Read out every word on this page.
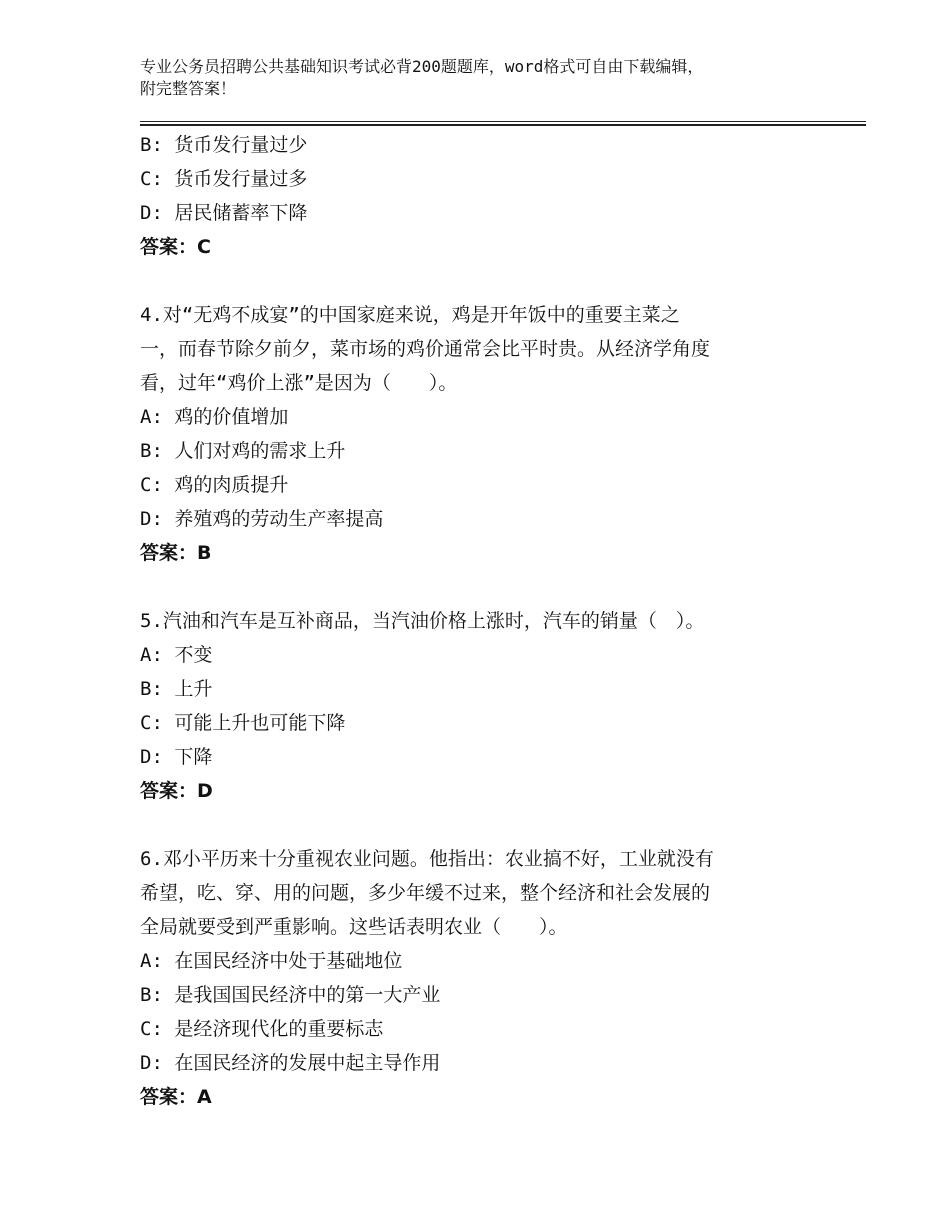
专业公务员招聘公共基础知识考试必背200题题库，word格式可自由下载编辑，
附完整答案！
B: 货币发行量过少
C: 货币发行量过多
D: 居民储蓄率下降
答案：C
4.对“无鸡不成宴”的中国家庭来说，鸡是开年饭中的重要主菜之
一，而春节除夕前夕，菜市场的鸡价通常会比平时贵。从经济学角度
看，过年“鸡价上涨”是因为（　　）。
A: 鸡的价值增加
B: 人们对鸡的需求上升
C: 鸡的肉质提升
D: 养殖鸡的劳动生产率提高
答案：B
5.汽油和汽车是互补商品，当汽油价格上涨时，汽车的销量（　）。
A: 不变
B: 上升
C: 可能上升也可能下降
D: 下降
答案：D
6.邓小平历来十分重视农业问题。他指出：农业搞不好，工业就没有
希望，吃、穿、用的问题，多少年缓不过来，整个经济和社会发展的
全局就要受到严重影响。这些话表明农业（　　）。
A: 在国民经济中处于基础地位
B: 是我国国民经济中的第一大产业
C: 是经济现代化的重要标志
D: 在国民经济的发展中起主导作用
答案：A
